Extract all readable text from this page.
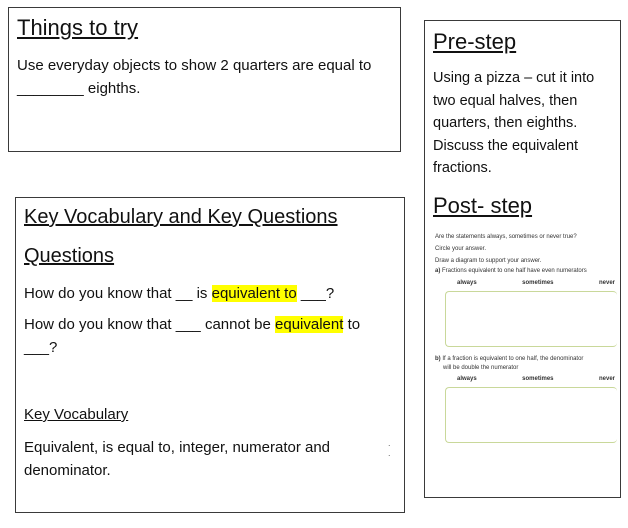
Things to try
Use everyday objects to show 2 quarters are equal to ________ eighths.
Key Vocabulary and Key Questions
Questions
How do you know that __ is equivalent to ___?
How do you know that ___ cannot be equivalent to ___?
Key Vocabulary
Equivalent, is equal to, integer, numerator and denominator.
. .
Pre-step
Using a pizza – cut it into two equal halves, then quarters, then eighths. Discuss the equivalent fractions.
Post- step
Are the statements always, sometimes or never true?
Circle your answer.
Draw a diagram to support your answer.
a) Fractions equivalent to one half have even numerators
always	sometimes	never
b) If a fraction is equivalent to one half, the denominator
will be double the numerator
always	sometimes	never
